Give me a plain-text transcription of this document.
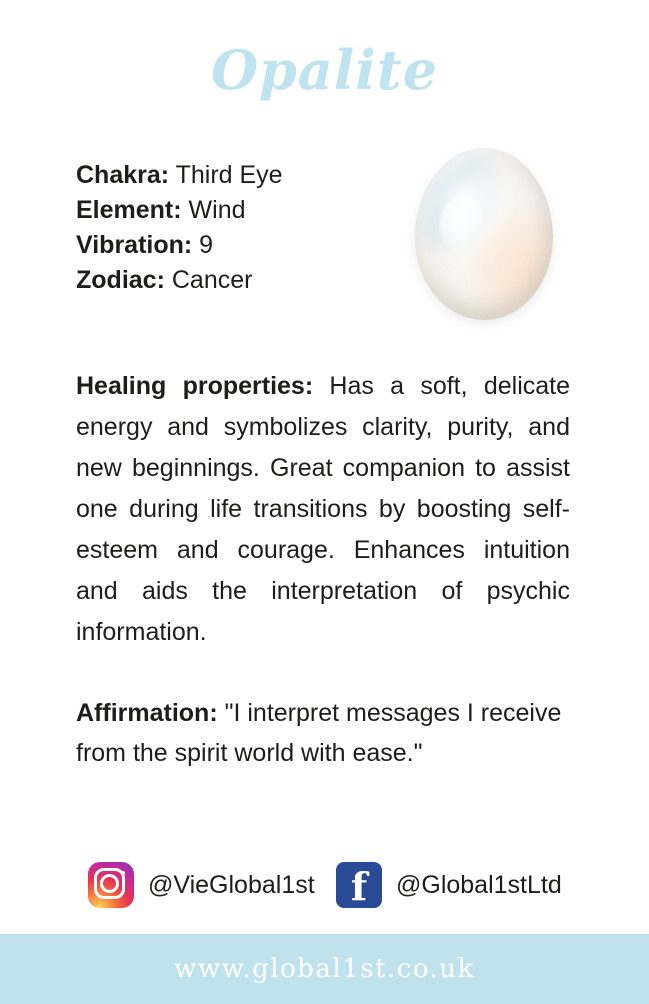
Opalite
Chakra: Third Eye
Element: Wind
Vibration: 9
Zodiac: Cancer
Healing properties: Has a soft, delicate energy and symbolizes clarity, purity, and new beginnings. Great companion to assist one during life transitions by boosting self-esteem and courage. Enhances intuition and aids the interpretation of psychic information.
Affirmation: "I interpret messages I receive from the spirit world with ease."
@VieGlobal1st f	@Global1stLtd
www.global1st.co.uk
